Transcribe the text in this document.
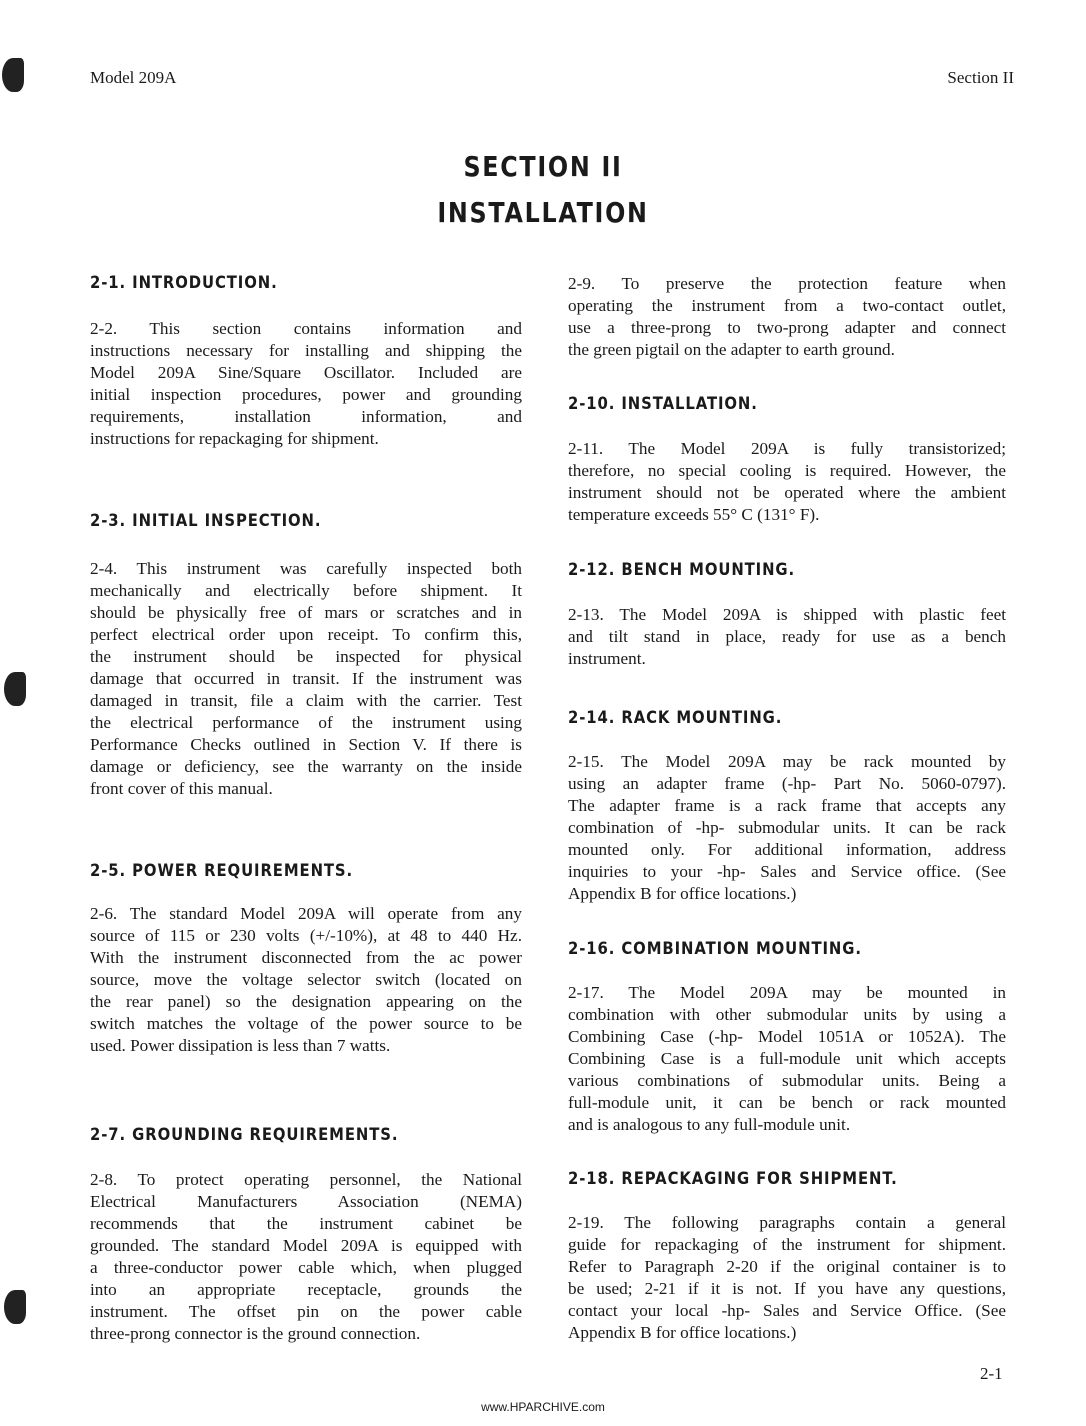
Model 209A	Section II
SECTION II
INSTALLATION
2-1. INTRODUCTION.
2-2. This section contains information and
instructions necessary for installing and shipping the
Model 209A Sine/Square Oscillator. Included are
initial inspection procedures, power and grounding
requirements, installation information, and
instructions for repackaging for shipment.
2-3. INITIAL INSPECTION.
2-4. This instrument was carefully inspected both
mechanically and electrically before shipment. It
should be physically free of mars or scratches and in
perfect electrical order upon receipt. To confirm this,
the instrument should be inspected for physical
damage that occurred in transit. If the instrument was
damaged in transit, file a claim with the carrier. Test
the electrical performance of the instrument using
Performance Checks outlined in Section V. If there is
damage or deficiency, see the warranty on the inside
front cover of this manual.
2-5. POWER REQUIREMENTS.
2-6. The standard Model 209A will operate from any
source of 115 or 230 volts (+/-10%), at 48 to 440 Hz.
With the instrument disconnected from the ac power
source, move the voltage selector switch (located on
the rear panel) so the designation appearing on the
switch matches the voltage of the power source to be
used. Power dissipation is less than 7 watts.
2-7. GROUNDING REQUIREMENTS.
2-8. To protect operating personnel, the National
Electrical Manufacturers Association (NEMA)
recommends that the instrument cabinet be
grounded. The standard Model 209A is equipped with
a three-conductor power cable which, when plugged
into an appropriate receptacle, grounds the
instrument. The offset pin on the power cable
three-prong connector is the ground connection.
2-9. To preserve the protection feature when
operating the instrument from a two-contact outlet,
use a three-prong to two-prong adapter and connect
the green pigtail on the adapter to earth ground.
2-10. INSTALLATION.
2-11. The Model 209A is fully transistorized;
therefore, no special cooling is required. However, the
instrument should not be operated where the ambient
temperature exceeds 55° C (131° F).
2-12. BENCH MOUNTING.
2-13. The Model 209A is shipped with plastic feet
and tilt stand in place, ready for use as a bench
instrument.
2-14. RACK MOUNTING.
2-15. The Model 209A may be rack mounted by
using an adapter frame (-hp- Part No. 5060-0797).
The adapter frame is a rack frame that accepts any
combination of -hp- submodular units. It can be rack
mounted only. For additional information, address
inquiries to your -hp- Sales and Service office. (See
Appendix B for office locations.)
2-16. COMBINATION MOUNTING.
2-17. The Model 209A may be mounted in
combination with other submodular units by using a
Combining Case (-hp- Model 1051A or 1052A). The
Combining Case is a full-module unit which accepts
various combinations of submodular units. Being a
full-module unit, it can be bench or rack mounted
and is analogous to any full-module unit.
2-18. REPACKAGING FOR SHIPMENT.
2-19. The following paragraphs contain a general
guide for repackaging of the instrument for shipment.
Refer to Paragraph 2-20 if the original container is to
be used; 2-21 if it is not. If you have any questions,
contact your local -hp- Sales and Service Office. (See
Appendix B for office locations.)
2-1
www.HPARCHIVE.com
